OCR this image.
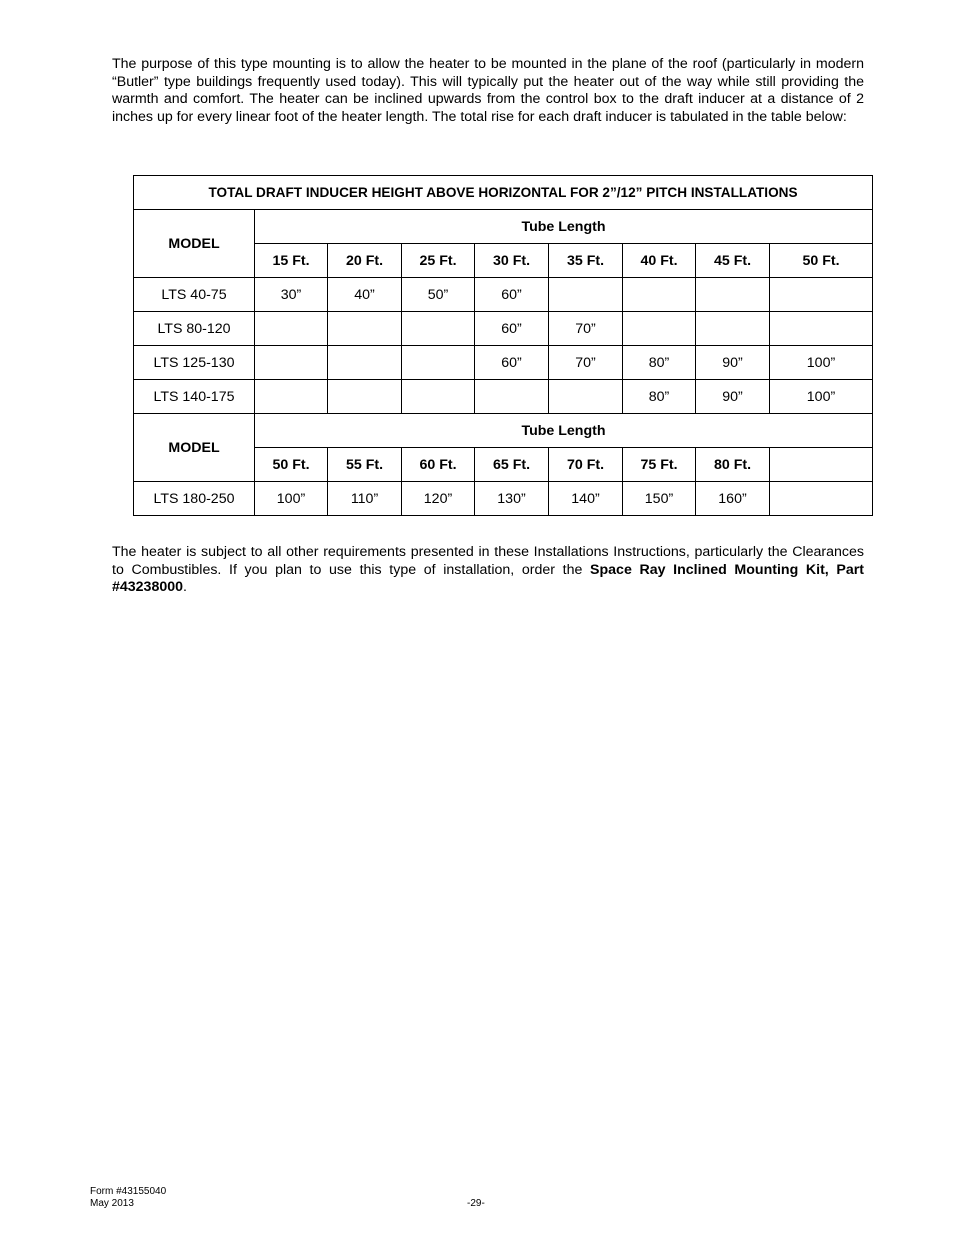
The purpose of this type mounting is to allow the heater to be mounted in the plane of the roof (particularly in modern “Butler” type buildings frequently used today). This will typically put the heater out of the way while still providing the warmth and comfort. The heater can be inclined upwards from the control box to the draft inducer at a distance of 2 inches up for every linear foot of the heater length. The total rise for each draft inducer is tabulated in the table below:

TOTAL DRAFT INDUCER HEIGHT ABOVE HORIZONTAL FOR 2”/12” PITCH INSTALLATIONS								
MODEL	Tube Length							
	15 Ft.	20 Ft.	25 Ft.	30 Ft.	35 Ft.	40 Ft.	45 Ft.	50 Ft.
LTS 40-75	30”	40”	50”	60”				
LTS 80-120				60”	70”			
LTS 125-130				60”	70”	80”	90”	100”
LTS 140-175						80”	90”	100”
MODEL	Tube Length							
	50 Ft.	55 Ft.	60 Ft.	65 Ft.	70 Ft.	75 Ft.	80 Ft.	
LTS 180-250	100”	110”	120”	130”	140”	150”	160”	

The heater is subject to all other requirements presented in these Installations Instructions, particularly the Clearances to Combustibles. If you plan to use this type of installation, order the Space Ray Inclined Mounting Kit, Part #43238000.

Form #43155040
May 2013	-29-
